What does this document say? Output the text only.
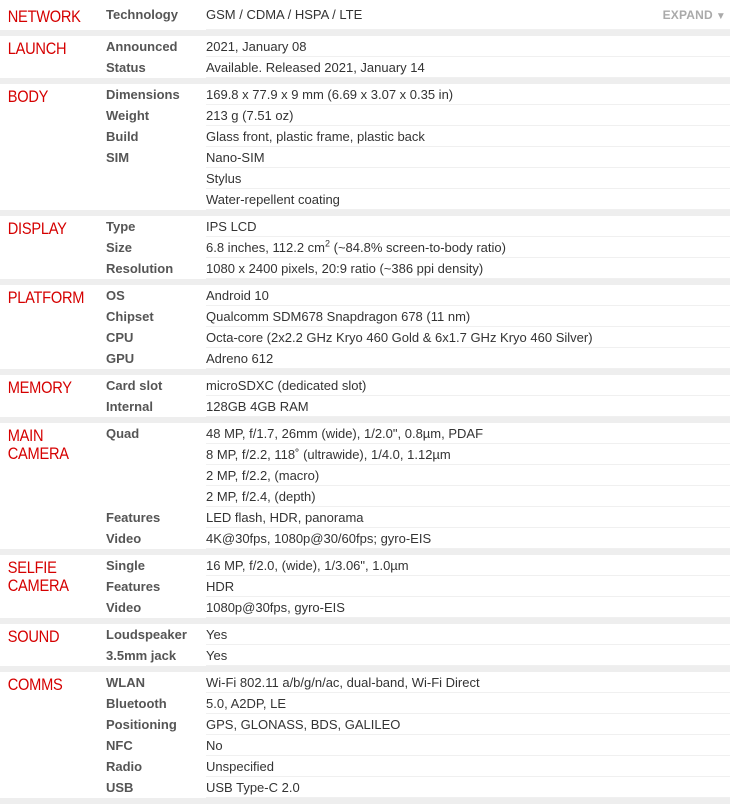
NETWORK	Technology	GSM / CDMA / HSPA / LTE	EXPAND ▼
LAUNCH	Announced	2021, January 08
Status	Available. Released 2021, January 14
BODY	Dimensions	169.8 x 77.9 x 9 mm (6.69 x 3.07 x 0.35 in)
Weight	213 g (7.51 oz)
Build	Glass front, plastic frame, plastic back
SIM	Nano-SIM
Stylus
Water-repellent coating
DISPLAY	Type	IPS LCD
Size	6.8 inches, 112.2 $cm^2$ (~84.8% screen-to-body ratio)
Resolution	1080 x 2400 pixels, 20:9 ratio (~386 ppi density)
PLATFORM	OS	Android 10
Chipset	Qualcomm SDM678 Snapdragon 678 (11 nm)
CPU	Octa-core (2x2.2 GHz Kryo 460 Gold & 6x1.7 GHz Kryo 460 Silver)
GPU	Adreno 612
MEMORY	Card slot	microSDXC (dedicated slot)
Internal	128GB 4GB RAM
MAIN CAMERA
Quad	48 MP, f/1.7, 26mm (wide), 1/2.0", 0.8µm, PDAF
8 MP, f/2.2, 118˚ (ultrawide), 1/4.0, 1.12µm
2 MP, f/2.2, (macro)
2 MP, f/2.4, (depth)
Features	LED flash, HDR, panorama
Video	4K@30fps, 1080p@30/60fps; gyro-EIS
SELFIE CAMERA
Single	16 MP, f/2.0, (wide), 1/3.06", 1.0µm
Features	HDR
Video	1080p@30fps, gyro-EIS
SOUND	Loudspeaker	Yes
3.5mm jack	Yes
COMMS	WLAN	Wi-Fi 802.11 a/b/g/n/ac, dual-band, Wi-Fi Direct
Bluetooth	5.0, A2DP, LE
Positioning	GPS, GLONASS, BDS, GALILEO
NFC	No
Radio	Unspecified
USB	USB Type-C 2.0
